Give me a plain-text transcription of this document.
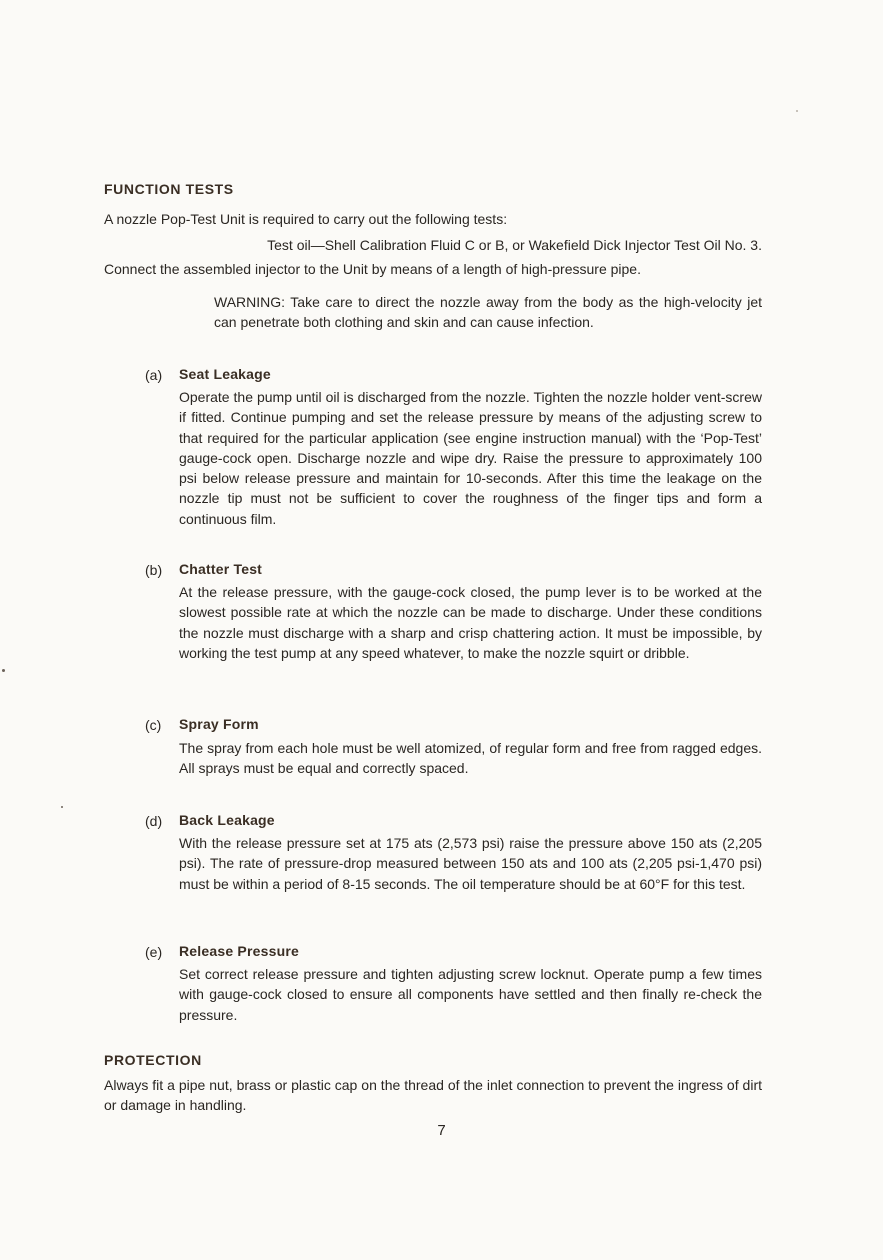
FUNCTION TESTS
A nozzle Pop-Test Unit is required to carry out the following tests:
Test oil—Shell Calibration Fluid C or B, or Wakefield Dick Injector Test Oil No. 3.
Connect the assembled injector to the Unit by means of a length of high-pressure pipe.
WARNING: Take care to direct the nozzle away from the body as the high-velocity jet can penetrate both clothing and skin and can cause infection.
(a) Seat Leakage
Operate the pump until oil is discharged from the nozzle. Tighten the nozzle holder vent-screw if fitted. Continue pumping and set the release pressure by means of the adjusting screw to that required for the particular application (see engine instruction manual) with the ‘Pop-Test’ gauge-cock open. Discharge nozzle and wipe dry. Raise the pressure to approximately 100 psi below release pressure and maintain for 10-seconds. After this time the leakage on the nozzle tip must not be sufficient to cover the roughness of the finger tips and form a continuous film.
(b) Chatter Test
At the release pressure, with the gauge-cock closed, the pump lever is to be worked at the slowest possible rate at which the nozzle can be made to discharge. Under these conditions the nozzle must discharge with a sharp and crisp chattering action. It must be impossible, by working the test pump at any speed whatever, to make the nozzle squirt or dribble.
(c) Spray Form
The spray from each hole must be well atomized, of regular form and free from ragged edges. All sprays must be equal and correctly spaced.
(d) Back Leakage
With the release pressure set at 175 ats (2,573 psi) raise the pressure above 150 ats (2,205 psi). The rate of pressure-drop measured between 150 ats and 100 ats (2,205 psi-1,470 psi) must be within a period of 8-15 seconds. The oil temperature should be at 60°F for this test.
(e) Release Pressure
Set correct release pressure and tighten adjusting screw locknut. Operate pump a few times with gauge-cock closed to ensure all components have settled and then finally re-check the pressure.
PROTECTION
Always fit a pipe nut, brass or plastic cap on the thread of the inlet connection to prevent the ingress of dirt or damage in handling.
7
